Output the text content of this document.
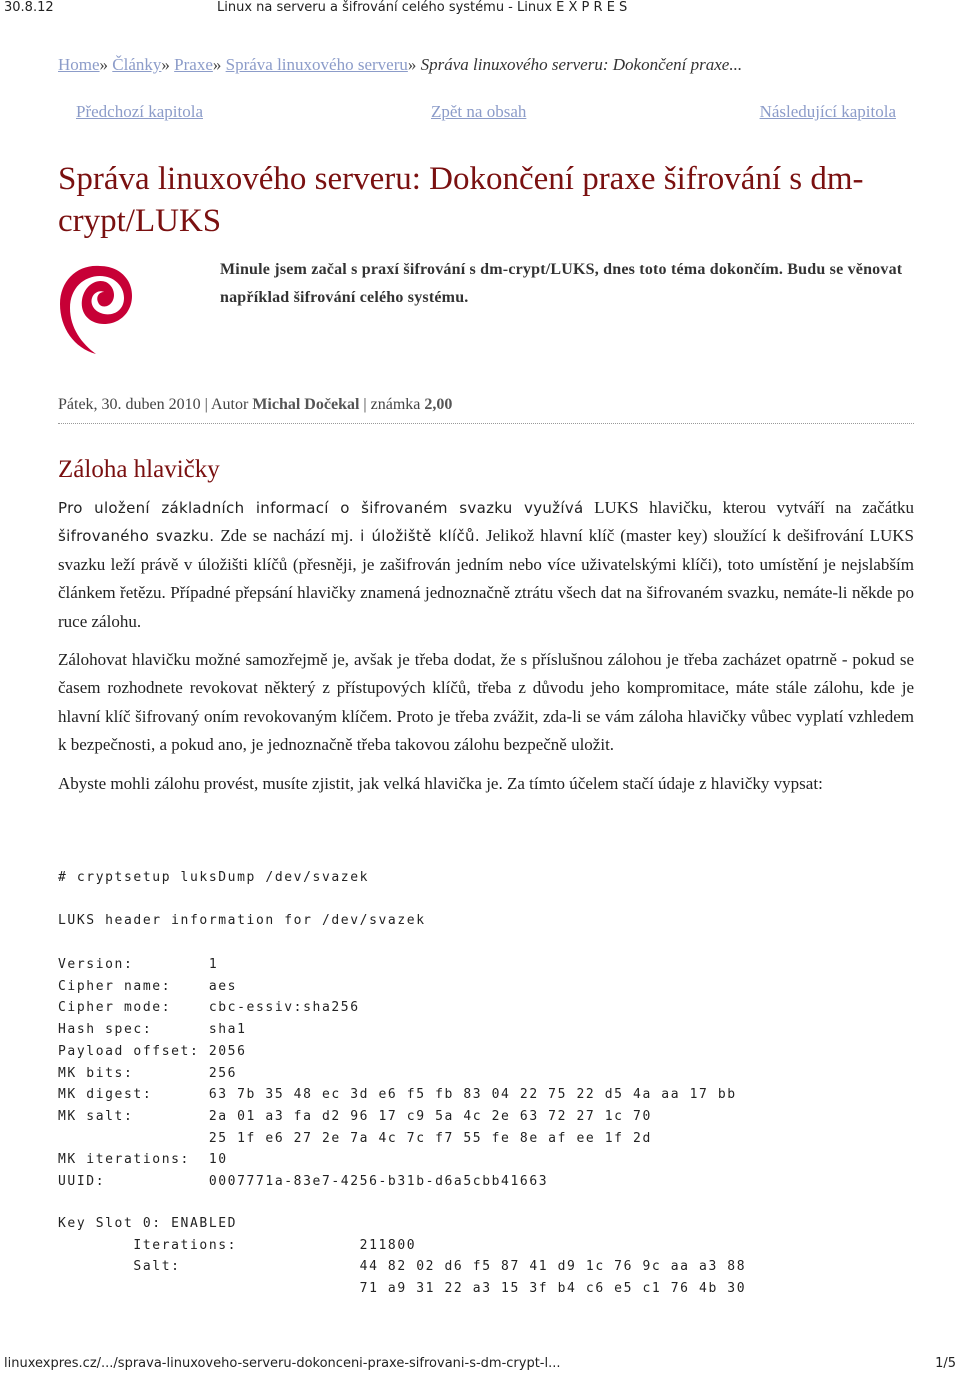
30.8.12	Linux na serveru a šifrování celého systému - Linux E X P R E S
Home» Články» Praxe» Správa linuxového serveru» Správa linuxového serveru: Dokončení praxe...
Předchozí kapitola	Zpět na obsah	Následující kapitola
Správa linuxového serveru: Dokončení praxe šifrování s dm-crypt/LUKS
Minule jsem začal s praxí šifrování s dm-crypt/LUKS, dnes toto téma dokončím. Budu se věnovat například šifrování celého systému.
Pátek, 30. duben 2010 | Autor Michal Dočekal | známka 2,00
Záloha hlavičky

Pro uložení základních informací o šifrovaném svazku využívá LUKS hlavičku, kterou vytváří na začátku šifrovaného svazku. Zde se nachází mj. i úložiště klíčů. Jelikož hlavní klíč (master key) sloužící k dešifrování LUKS svazku leží právě v úložišti klíčů (přesněji, je zašifrován jedním nebo více uživatelskými klíči), toto umístění je nejslabším článkem řetězu. Případné přepsání hlavičky znamená jednoznačně ztrátu všech dat na šifrovaném svazku, nemáte-li někde po ruce zálohu.

Zálohovat hlavičku možné samozřejmě je, avšak je třeba dodat, že s příslušnou zálohou je třeba zacházet opatrně - pokud se časem rozhodnete revokovat některý z přístupových klíčů, třeba z důvodu jeho kompromitace, máte stále zálohu, kde je hlavní klíč šifrovaný oním revokovaným klíčem. Proto je třeba zvážit, zda-li se vám záloha hlavičky vůbec vyplatí vzhledem k bezpečnosti, a pokud ano, je jednoznačně třeba takovou zálohu bezpečně uložit.

Abyste mohli zálohu provést, musíte zjistit, jak velká hlavička je. Za tímto účelem stačí údaje z hlavičky vypsat:

# cryptsetup luksDump /dev/svazek
LUKS header information for /dev/svazek
Version:        1
Cipher name:    aes
Cipher mode:    cbc-essiv:sha256
Hash spec:      sha1
Payload offset: 2056
MK bits:        256
MK digest:      63 7b 35 48 ec 3d e6 f5 fb 83 04 22 75 22 d5 4a aa 17 bb
MK salt:        2a 01 a3 fa d2 96 17 c9 5a 4c 2e 63 72 27 1c 70
25 1f e6 27 2e 7a 4c 7c f7 55 fe 8e af ee 1f 2d
MK iterations:  10
UUID:           0007771a-83e7-4256-b31b-d6a5cbb41663
Key Slot 0: ENABLED
Iterations:             211800
Salt:                   44 82 02 d6 f5 87 41 d9 1c 76 9c aa a3 88
71 a9 31 22 a3 15 3f b4 c6 e5 c1 76 4b 30
linuxexpres.cz/.../sprava-linuxoveho-serveru-dokonceni-praxe-sifrovani-s-dm-crypt-l...	1/5
